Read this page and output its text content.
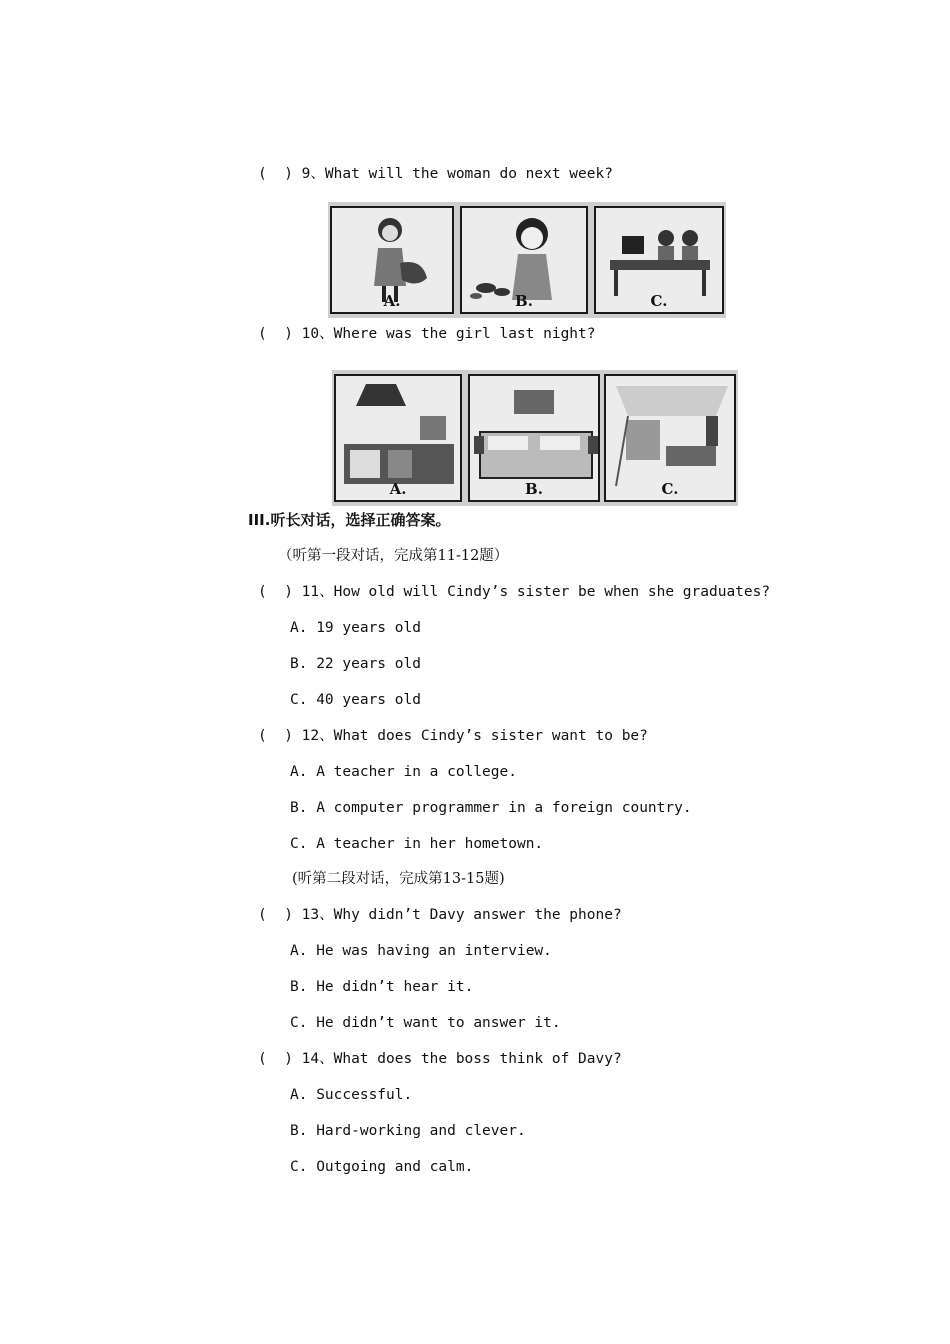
(  ) 9、What will the woman do next week?
A.	B.	C.
(  ) 10、Where was the girl last night?
A.	B.	C.
III.听长对话，选择正确答案。
（听第一段对话，完成第11-12题）
(  ) 11、How old will Cindy’s sister be when she graduates?
A. 19 years old
B. 22 years old
C. 40 years old
(  ) 12、What does Cindy’s sister want to be?
A. A teacher in a college.
B. A computer programmer in a foreign country.
C. A teacher in her hometown.
(听第二段对话，完成第13-15题)
(  ) 13、Why didn’t Davy answer the phone?
A. He was having an interview.
B. He didn’t hear it.
C. He didn’t want to answer it.
(  ) 14、What does the boss think of Davy?
A. Successful.
B. Hard-working and clever.
C. Outgoing and calm.
